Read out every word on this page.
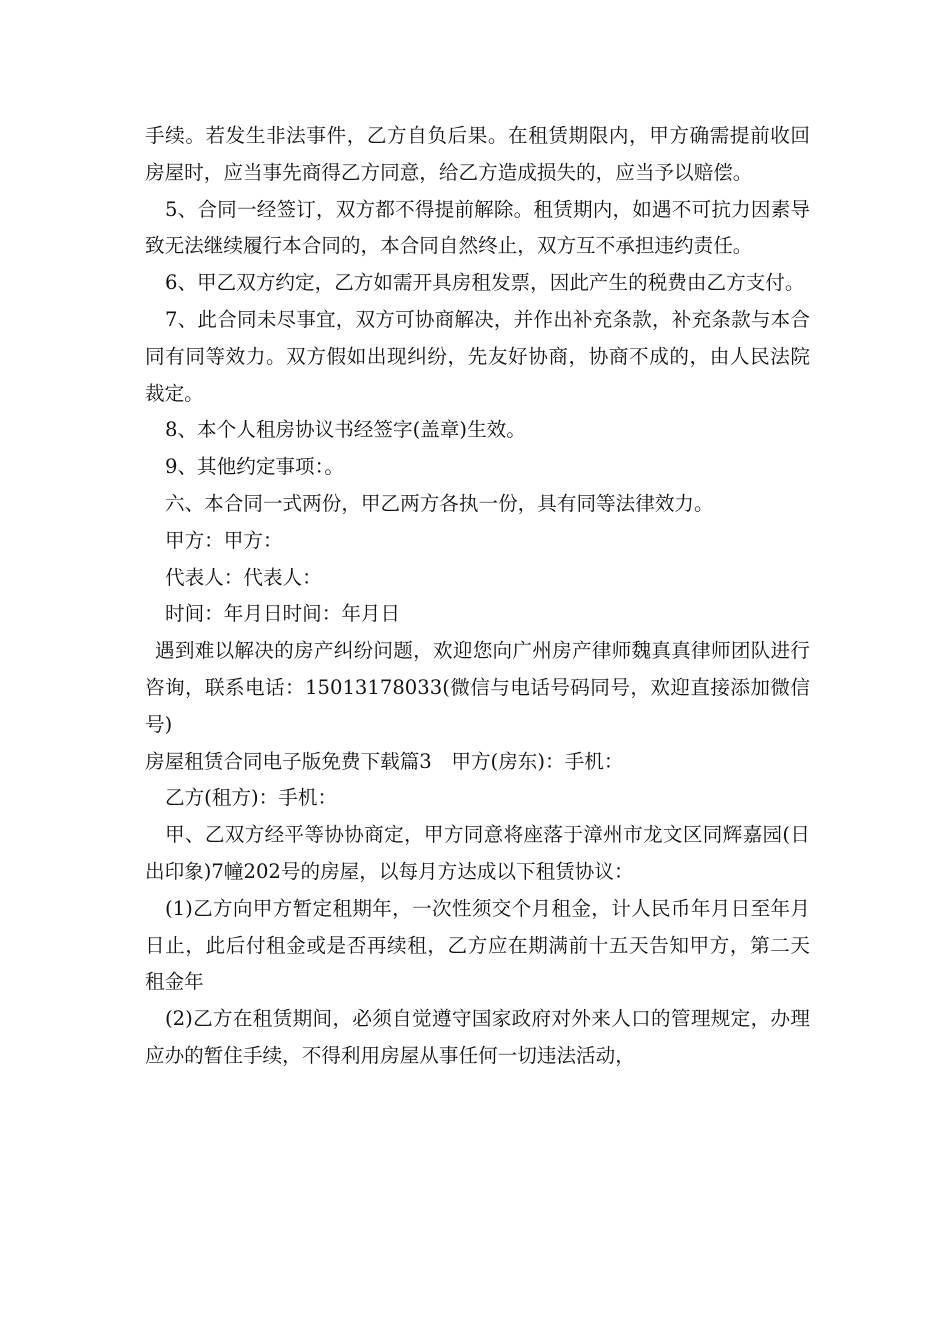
手续。若发生非法事件，乙方自负后果。在租赁期限内，甲方确需提前收回房屋时，应当事先商得乙方同意，给乙方造成损失的，应当予以赔偿。

5、合同一经签订，双方都不得提前解除。租赁期内，如遇不可抗力因素导致无法继续履行本合同的，本合同自然终止，双方互不承担违约责任。

6、甲乙双方约定，乙方如需开具房租发票，因此产生的税费由乙方支付。

7、此合同未尽事宜，双方可协商解决，并作出补充条款，补充条款与本合同有同等效力。双方假如出现纠纷，先友好协商，协商不成的，由人民法院裁定。

8、本个人租房协议书经签字(盖章)生效。

9、其他约定事项：。

六、本合同一式两份，甲乙两方各执一份，具有同等法律效力。

甲方：甲方：

代表人：代表人：

时间：年月日时间：年月日

遇到难以解决的房产纠纷问题，欢迎您向广州房产律师魏真真律师团队进行咨询，联系电话：15013178033(微信与电话号码同号，欢迎直接添加微信号)

房屋租赁合同电子版免费下载篇3　甲方(房东)：手机：

乙方(租方)：手机：

甲、乙双方经平等协协商定，甲方同意将座落于漳州市龙文区同辉嘉园(日出印象)7幢202号的房屋，以每月方达成以下租赁协议：

(1)乙方向甲方暂定租期年，一次性须交个月租金，计人民币年月日至年月日止，此后付租金或是否再续租，乙方应在期满前十五天告知甲方，第二天租金年

(2)乙方在租赁期间，必须自觉遵守国家政府对外来人口的管理规定，办理应办的暂住手续，不得利用房屋从事任何一切违法活动，
